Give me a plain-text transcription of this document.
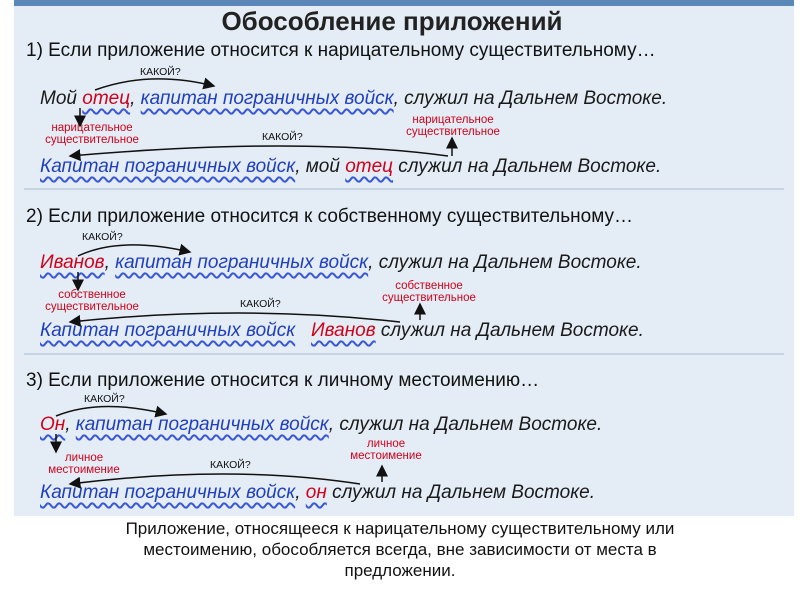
Обособление приложений
1) Если приложение относится к нарицательному существительному…
КАКОЙ?
Мой отец, капитан пограничных войск, служил на Дальнем Востоке.
нарицательное существительное	КАКОЙ?
нарицательное существительное
Капитан пограничных войск, мой отец служил на Дальнем Востоке.
2) Если приложение относится к собственному существительному…
КАКОЙ?
Иванов, капитан пограничных войск, служил на Дальнем Востоке.
собственное существительное	КАКОЙ?
собственное существительное
Капитан пограничных войск Иванов служил на Дальнем Востоке.
3) Если приложение относится к личному местоимению…
КАКОЙ?
Он, капитан пограничных войск, служил на Дальнем Востоке.
личное местоимение	КАКОЙ?
личное местоимение
Капитан пограничных войск, он служил на Дальнем Востоке.
Приложение, относящееся к нарицательному существительному или
местоимению, обособляется всегда, вне зависимости от места в
предложении.
